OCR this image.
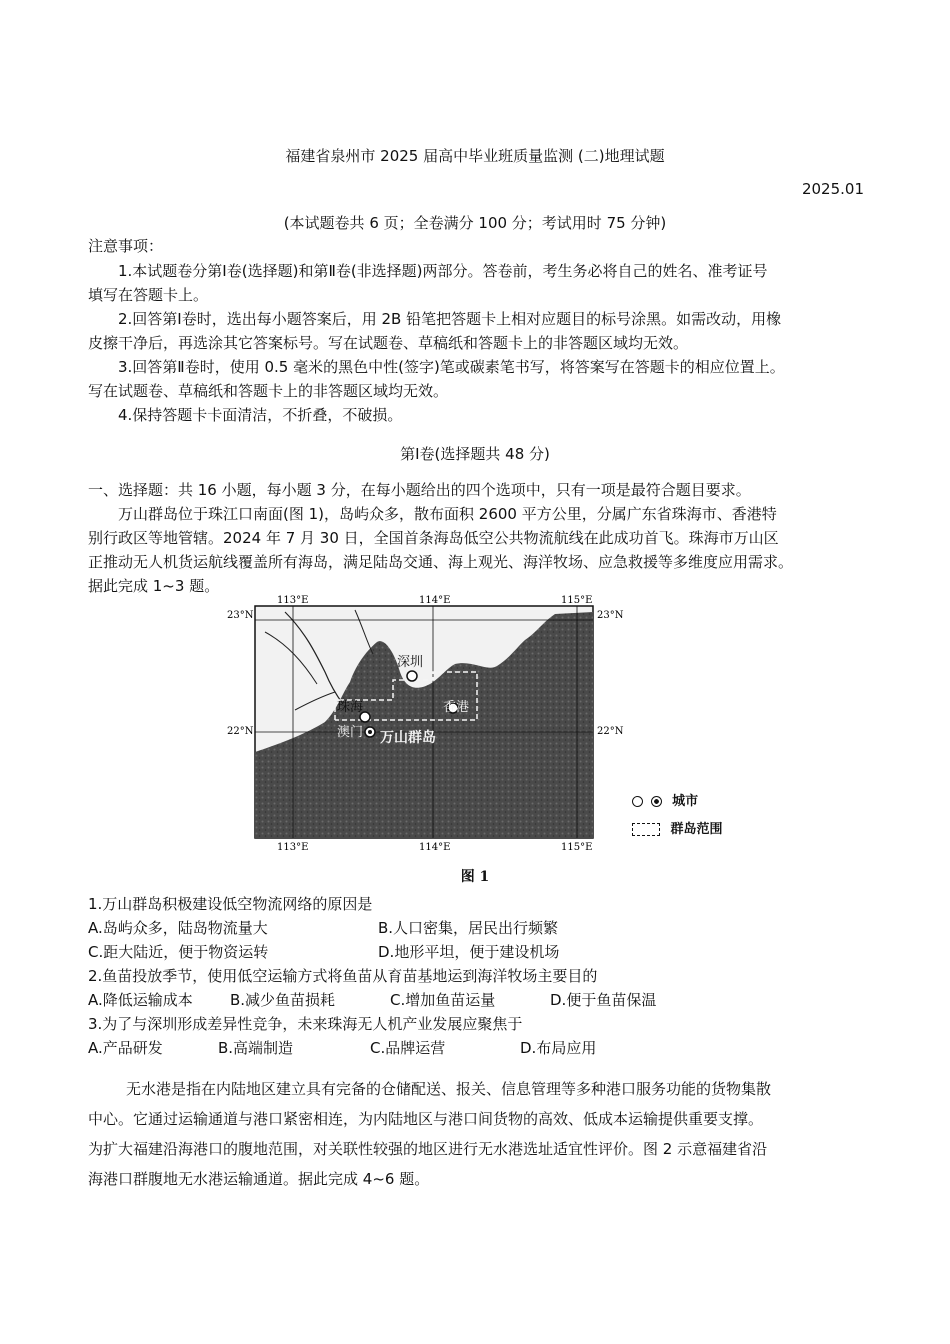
福建省泉州市 2025 届高中毕业班质量监测 (二)地理试题
2025.01
(本试题卷共 6 页；全卷满分 100 分；考试用时 75 分钟)
注意事项：
1.本试题卷分第Ⅰ卷(选择题)和第Ⅱ卷(非选择题)两部分。答卷前，考生务必将自己的姓名、准考证号
填写在答题卡上。
2.回答第Ⅰ卷时，选出每小题答案后，用 2B 铅笔把答题卡上相对应题目的标号涂黑。如需改动，用橡
皮擦干净后，再选涂其它答案标号。写在试题卷、草稿纸和答题卡上的非答题区域均无效。
3.回答第Ⅱ卷时，使用 0.5 毫米的黑色中性(签字)笔或碳素笔书写，将答案写在答题卡的相应位置上。
写在试题卷、草稿纸和答题卡上的非答题区域均无效。
4.保持答题卡卡面清洁，不折叠，不破损。
第Ⅰ卷(选择题共 48 分)
一、选择题：共 16 小题，每小题 3 分，在每小题给出的四个选项中，只有一项是最符合题目要求。
万山群岛位于珠江口南面(图 1)，岛屿众多，散布面积 2600 平方公里，分属广东省珠海市、香港特
别行政区等地管辖。2024 年 7 月 30 日，全国首条海岛低空公共物流航线在此成功首飞。珠海市万山区
正推动无人机货运航线覆盖所有海岛，满足陆岛交通、海上观光、海洋牧场、应急救援等多维度应用需求。
据此完成 1~3 题。
113°E	114°E	115°E
113°E	114°E	115°E
23°N
22°N
23°N
22°N
深圳
珠海	香港
澳门 万山群岛
城市
群岛范围
图 1
1.万山群岛积极建设低空物流网络的原因是
A.岛屿众多，陆岛物流量大	B.人口密集，居民出行频繁
C.距大陆近，便于物资运转	D.地形平坦，便于建设机场
2.鱼苗投放季节，使用低空运输方式将鱼苗从育苗基地运到海洋牧场主要目的
A.降低运输成本 B.减少鱼苗损耗	C.增加鱼苗运量	D.便于鱼苗保温
3.为了与深圳形成差异性竞争，未来珠海无人机产业发展应聚焦于
A.产品研发	B.高端制造	C.品牌运营	D.布局应用
无水港是指在内陆地区建立具有完备的仓储配送、报关、信息管理等多种港口服务功能的货物集散
中心。它通过运输通道与港口紧密相连，为内陆地区与港口间货物的高效、低成本运输提供重要支撑。
为扩大福建沿海港口的腹地范围，对关联性较强的地区进行无水港选址适宜性评价。图 2 示意福建省沿
海港口群腹地无水港运输通道。据此完成 4~6 题。
